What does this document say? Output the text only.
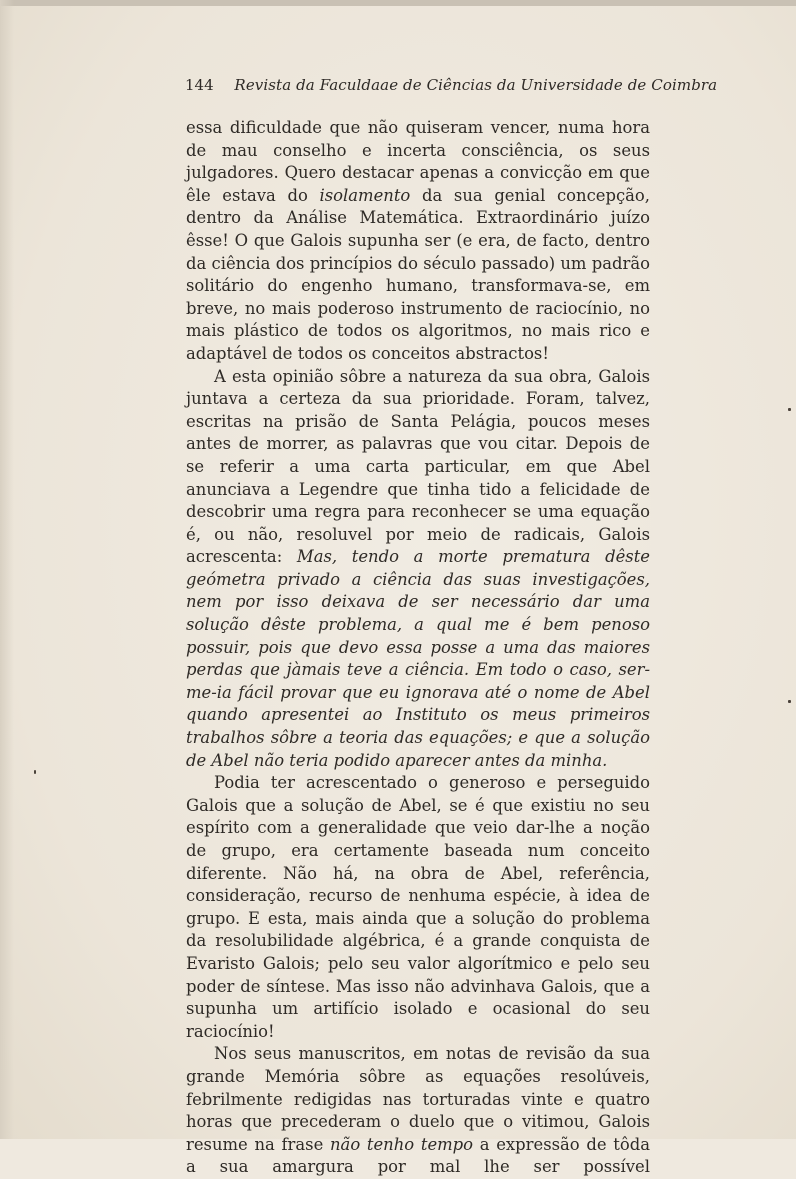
144 Revista da Faculdaae de Ciências da Universidade de Coimbra

essa dificuldade que não quiseram vencer, numa hora de mau conselho e incerta consciência, os seus julgadores. Quero destacar apenas a convicção em que êle estava do isolamento da sua genial concepção, dentro da Análise Matemática. Extraordinário juízo êsse! O que Galois supunha ser (e era, de facto, dentro da ciência dos princípios do século passado) um padrão solitário do engenho humano, transformava-se, em breve, no mais poderoso instrumento de raciocínio, no mais plástico de todos os algoritmos, no mais rico e adaptável de todos os conceitos abstractos!

A esta opinião sôbre a natureza da sua obra, Galois juntava a certeza da sua prioridade. Foram, talvez, escritas na prisão de Santa Pelágia, poucos meses antes de morrer, as palavras que vou citar. Depois de se referir a uma carta particular, em que Abel anunciava a Legendre que tinha tido a felicidade de descobrir uma regra para reconhecer se uma equação é, ou não, resoluvel por meio de radicais, Galois acrescenta: Mas, tendo a morte prematura dêste geómetra privado a ciência das suas investigações, nem por isso deixava de ser necessário dar uma solução dêste problema, a qual me é bem penoso possuir, pois que devo essa posse a uma das maiores perdas que jàmais teve a ciência. Em todo o caso, ser-me-ia fácil provar que eu ignorava até o nome de Abel quando apresentei ao Instituto os meus primeiros trabalhos sôbre a teoria das equações; e que a solução de Abel não teria podido aparecer antes da minha.

Podia ter acrescentado o generoso e perseguido Galois que a solução de Abel, se é que existiu no seu espírito com a generalidade que veio dar-lhe a noção de grupo, era certamente baseada num conceito diferente. Não há, na obra de Abel, referência, consideração, recurso de nenhuma espécie, à idea de grupo. E esta, mais ainda que a solução do problema da resolubilidade algébrica, é a grande conquista de Evaristo Galois; pelo seu valor algorítmico e pelo seu poder de síntese. Mas isso não advinhava Galois, que a supunha um artifício isolado e ocasional do seu raciocínio!

Nos seus manuscritos, em notas de revisão da sua grande Memória sôbre as equações resolúveis, febrilmente redigidas nas torturadas vinte e quatro horas que precederam o duelo que o vitimou, Galois resume na frase não tenho tempo a expressão de tôda a sua amargura por mal lhe ser possível
